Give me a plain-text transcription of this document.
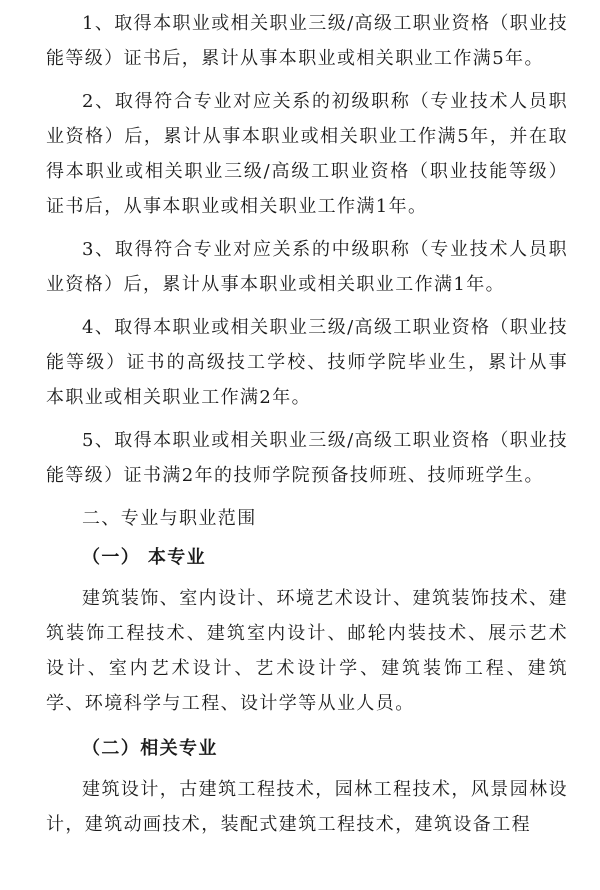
1、取得本职业或相关职业三级/高级工职业资格（职业技能等级）证书后，累计从事本职业或相关职业工作满5年。

2、取得符合专业对应关系的初级职称（专业技术人员职业资格）后，累计从事本职业或相关职业工作满5年，并在取得本职业或相关职业三级/高级工职业资格（职业技能等级）证书后，从事本职业或相关职业工作满1年。

3、取得符合专业对应关系的中级职称（专业技术人员职业资格）后，累计从事本职业或相关职业工作满1年。

4、取得本职业或相关职业三级/高级工职业资格（职业技能等级）证书的高级技工学校、技师学院毕业生，累计从事本职业或相关职业工作满2年。

5、取得本职业或相关职业三级/高级工职业资格（职业技能等级）证书满2年的技师学院预备技师班、技师班学生。

二、专业与职业范围

（一） 本专业

建筑装饰、室内设计、环境艺术设计、建筑装饰技术、建筑装饰工程技术、建筑室内设计、邮轮内装技术、展示艺术设计、室内艺术设计、艺术设计学、建筑装饰工程、建筑学、环境科学与工程、设计学等从业人员。

（二）相关专业

建筑设计，古建筑工程技术，园林工程技术，风景园林设计，建筑动画技术，装配式建筑工程技术，建筑设备工程
